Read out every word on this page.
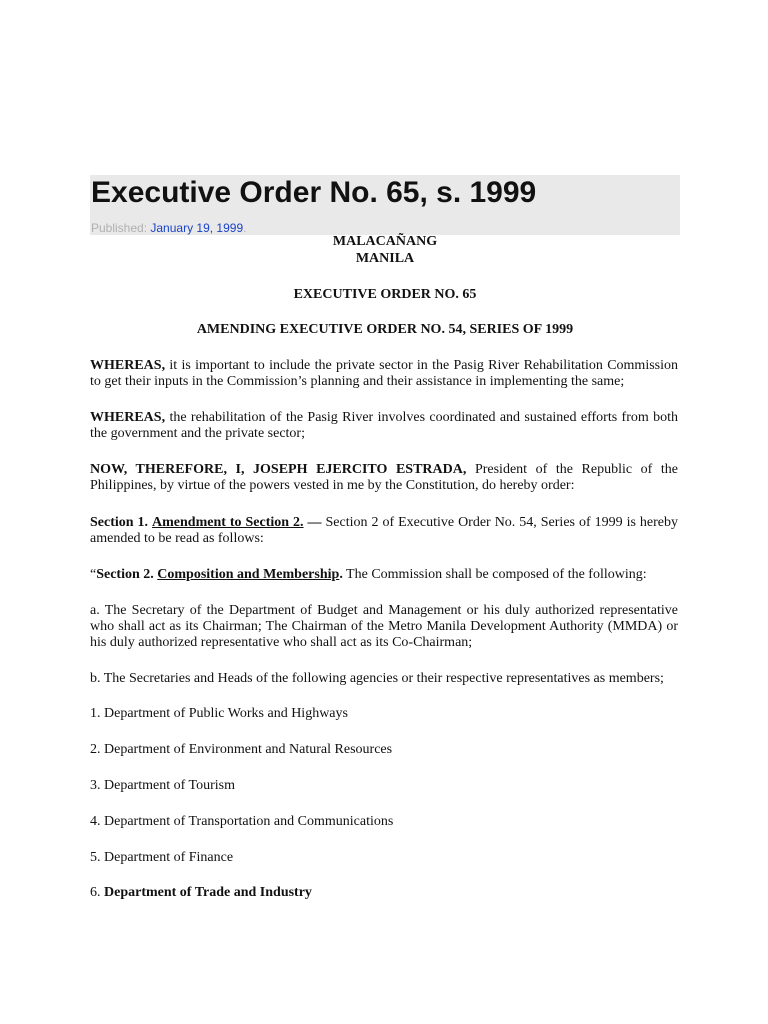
Executive Order No. 65, s. 1999
Published: January 19, 1999.
MALACAÑANG
MANILA
EXECUTIVE ORDER NO. 65
AMENDING EXECUTIVE ORDER NO. 54, SERIES OF 1999

WHEREAS, it is important to include the private sector in the Pasig River Rehabilitation Commission to get their inputs in the Commission’s planning and their assistance in implementing the same;

WHEREAS, the rehabilitation of the Pasig River involves coordinated and sustained efforts from both the government and the private sector;

NOW, THEREFORE, I, JOSEPH EJERCITO ESTRADA, President of the Republic of the Philippines, by virtue of the powers vested in me by the Constitution, do hereby order:

Section 1. Amendment to Section 2. — Section 2 of Executive Order No. 54, Series of 1999 is hereby amended to be read as follows:

“Section 2. Composition and Membership. The Commission shall be composed of the following:

a. The Secretary of the Department of Budget and Management or his duly authorized representative who shall act as its Chairman; The Chairman of the Metro Manila Development Authority (MMDA) or his duly authorized representative who shall act as its Co-Chairman;

b. The Secretaries and Heads of the following agencies or their respective representatives as members;

1. Department of Public Works and Highways
2. Department of Environment and Natural Resources
3. Department of Tourism
4. Department of Transportation and Communications
5. Department of Finance
6. Department of Trade and Industry
